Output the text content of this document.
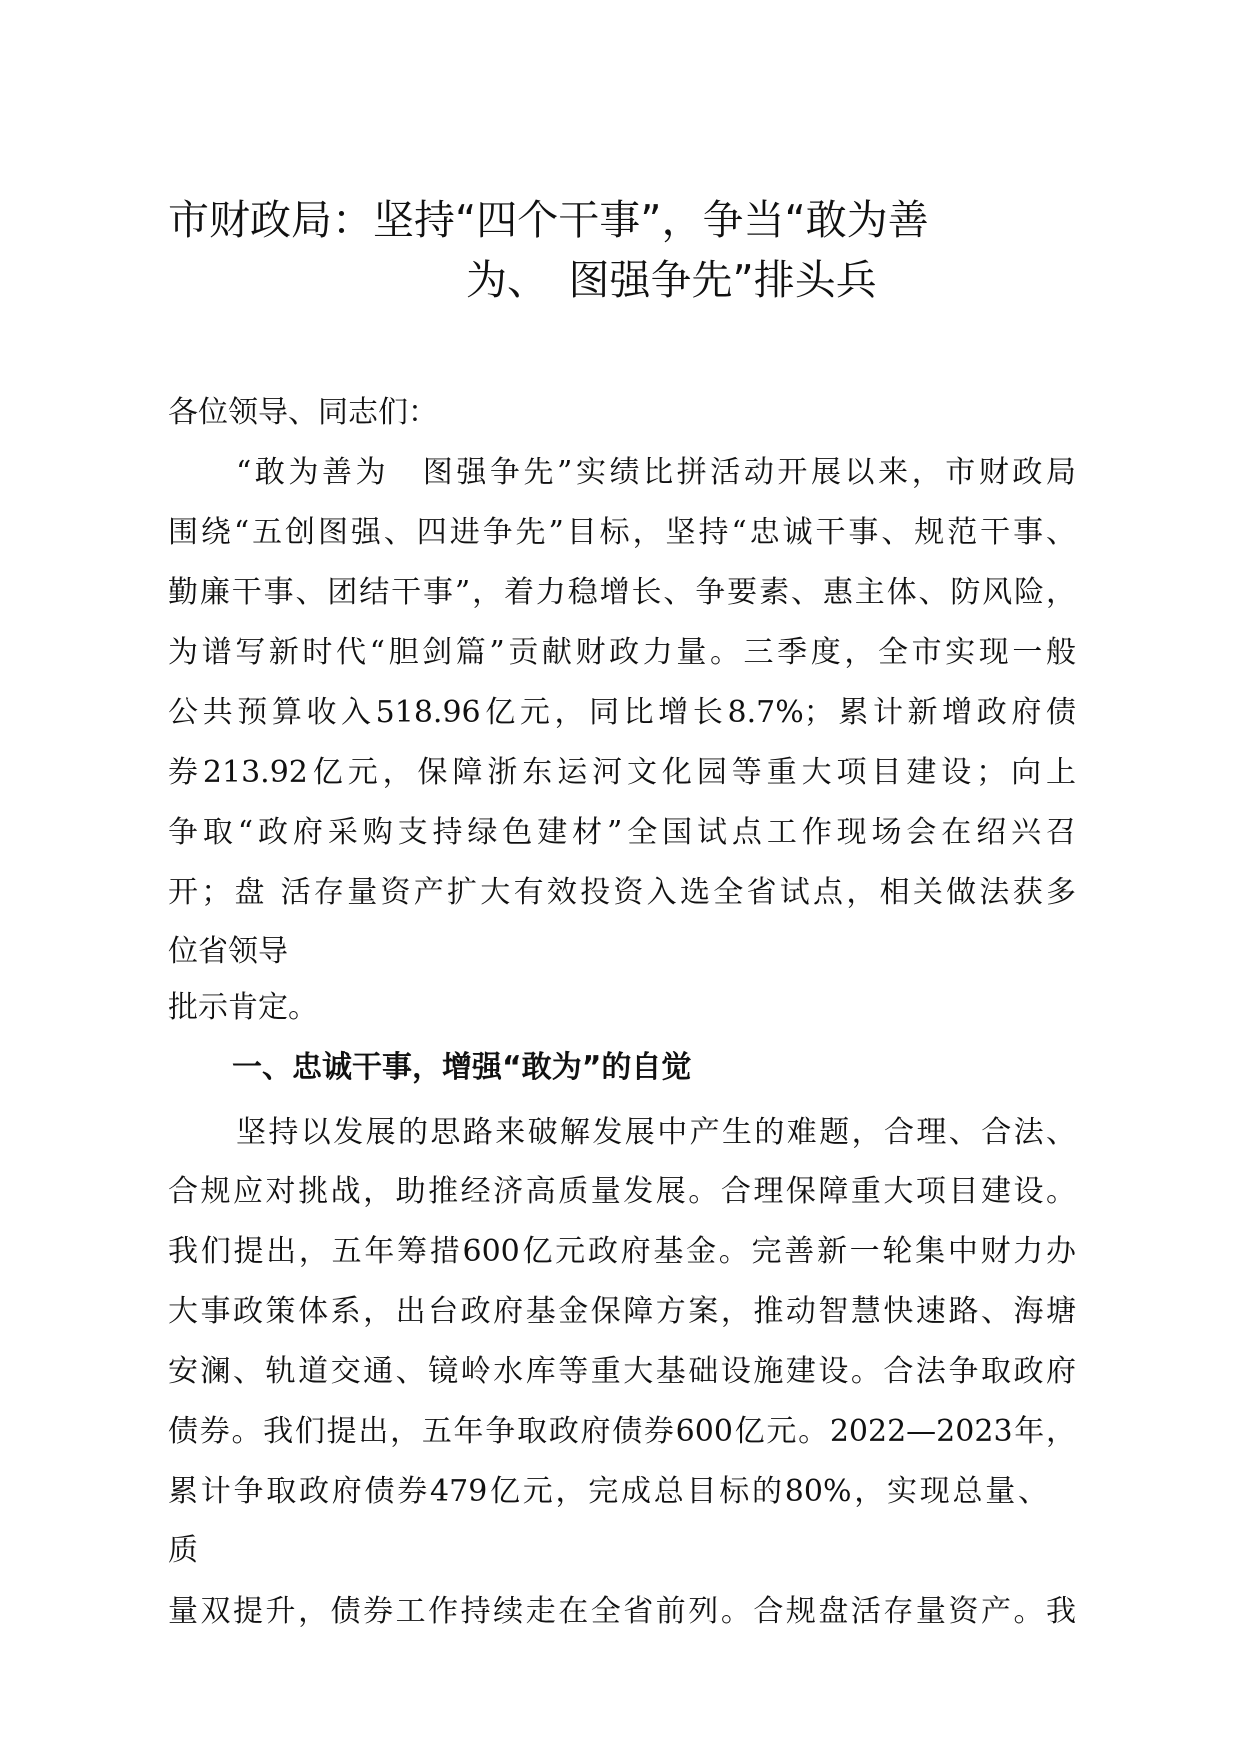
市财政局：坚持“四个干事”，争当“敢为善
为、　图强争先”排头兵
各位领导、同志们：
“敢为善为　图强争先”实绩比拼活动开展以来，市财政局
围绕“五创图强、四进争先”目标，坚持“忠诚干事、规范干事、
勤廉干事、团结干事”，着力稳增长、争要素、惠主体、防风险，
为谱写新时代“胆剑篇”贡献财政力量。三季度，全市实现一般
公共预算收入518.96亿元，同比增长8.7%；累计新增政府债
券213.92亿元，保障浙东运河文化园等重大项目建设；向上
争取“政府采购支持绿色建材”全国试点工作现场会在绍兴召
开；盘 活存量资产扩大有效投资入选全省试点，相关做法获多
位省领导
批示肯定。
一、忠诚干事，增强“敢为”的自觉
坚持以发展的思路来破解发展中产生的难题，合理、合法、
合规应对挑战，助推经济高质量发展。合理保障重大项目建设。
我们提出，五年筹措600亿元政府基金。完善新一轮集中财力办
大事政策体系，出台政府基金保障方案，推动智慧快速路、海塘
安澜、轨道交通、镜岭水库等重大基础设施建设。合法争取政府
债券。我们提出，五年争取政府债券600亿元。2022—2023年，
累计争取政府债券479亿元，完成总目标的80%，实现总量、
质
量双提升，债券工作持续走在全省前列。合规盘活存量资产。我
